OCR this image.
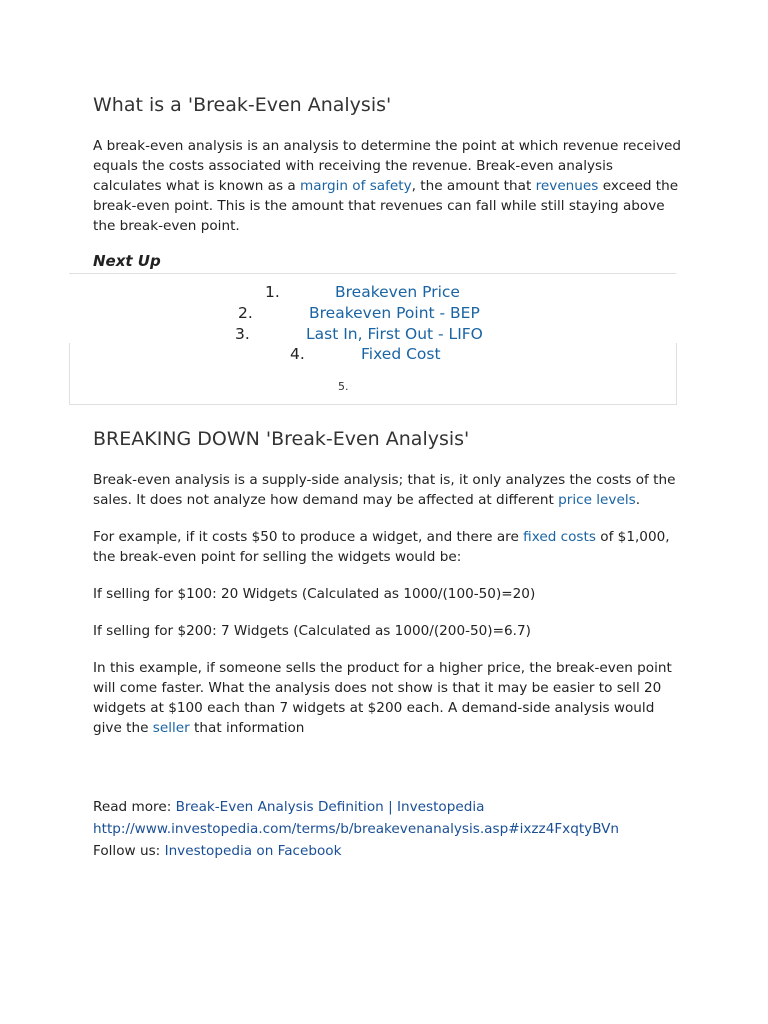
What is a 'Break-Even Analysis'

A break-even analysis is an analysis to determine the point at which revenue received equals the costs associated with receiving the revenue. Break-even analysis calculates what is known as a margin of safety, the amount that revenues exceed the break-even point. This is the amount that revenues can fall while still staying above the break-even point.

Next Up

1.	Breakeven Price
2.	Breakeven Point - BEP
3.	Last In, First Out - LIFO
4.	Fixed Cost
5.
BREAKING DOWN 'Break-Even Analysis'

Break-even analysis is a supply-side analysis; that is, it only analyzes the costs of the sales. It does not analyze how demand may be affected at different price levels.

For example, if it costs $50 to produce a widget, and there are fixed costs of $1,000, the break-even point for selling the widgets would be:

If selling for $100: 20 Widgets (Calculated as 1000/(100-50)=20)

If selling for $200: 7 Widgets (Calculated as 1000/(200-50)=6.7)

In this example, if someone sells the product for a higher price, the break-even point will come faster. What the analysis does not show is that it may be easier to sell 20 widgets at $100 each than 7 widgets at $200 each. A demand-side analysis would give the seller that information

Read more: Break-Even Analysis Definition | Investopedia

http://www.investopedia.com/terms/b/breakevenanalysis.asp#ixzz4FxqtyBVn

Follow us: Investopedia on Facebook
